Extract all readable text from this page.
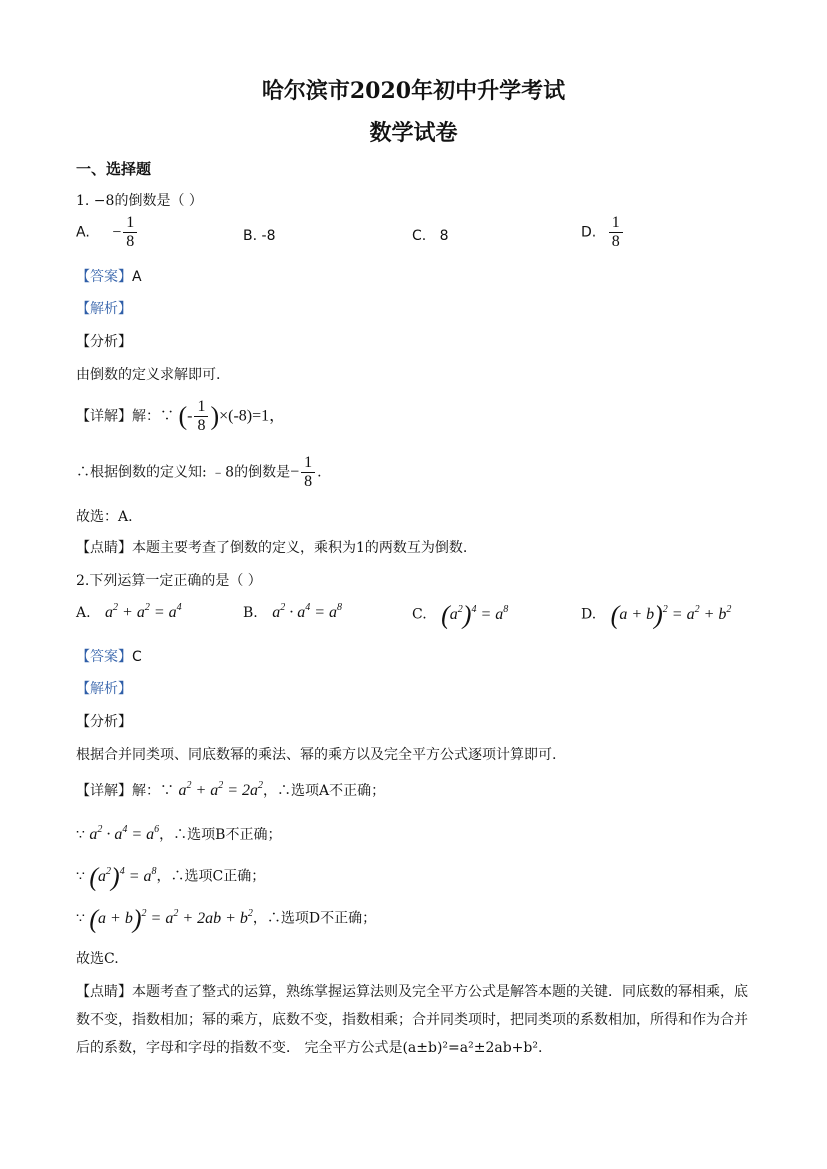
哈尔滨市2020年初中升学考试
数学试卷
一、选择题
1. −8的倒数是（ ）
A. − $\frac{1}{8}$	B. -8	C. 8	D. $\frac{1}{8}$
【答案】A
【解析】
【分析】
由倒数的定义求解即可.
【详解】解：∵ (- $\frac{1}{8} )\times(-8)=1$，
∴根据倒数的定义知: ﹣8的倒数是− $\frac{1}{8}$ .
故选：A.
【点睛】本题主要考查了倒数的定义，乘积为1的两数互为倒数.
2.下列运算一定正确的是（ ）
A. $a^2 + a^2 = a^4$	B. $a^2 \cdot a^4 = a^8$	C. $(a^2)^4 = a^8$	D. $(a + b)^2 = a^2 + b^2$
【答案】C
【解析】
【分析】
根据合并同类项、同底数幂的乘法、幂的乘方以及完全平方公式逐项计算即可.
【详解】解：∵ $a^2 + a^2 = 2a^2$，∴选项A不正确；
∵ $a^2 \cdot a^4 = a^6$，∴选项B不正确；
∵ $(a^2)^4 = a^8$，∴选项C正确；
∵ $(a + b)^2 = a^2 + 2ab + b^2$，∴选项D不正确；
故选C.
【点睛】本题考查了整式的运算，熟练掌握运算法则及完全平方公式是解答本题的关键．同底数的幂相乘，底数不变，指数相加；幂的乘方，底数不变，指数相乘；合并同类项时，把同类项的系数相加，所得和作为合并后的系数，字母和字母的指数不变． 完全平方公式是(a±b)²=a²±2ab+b².
